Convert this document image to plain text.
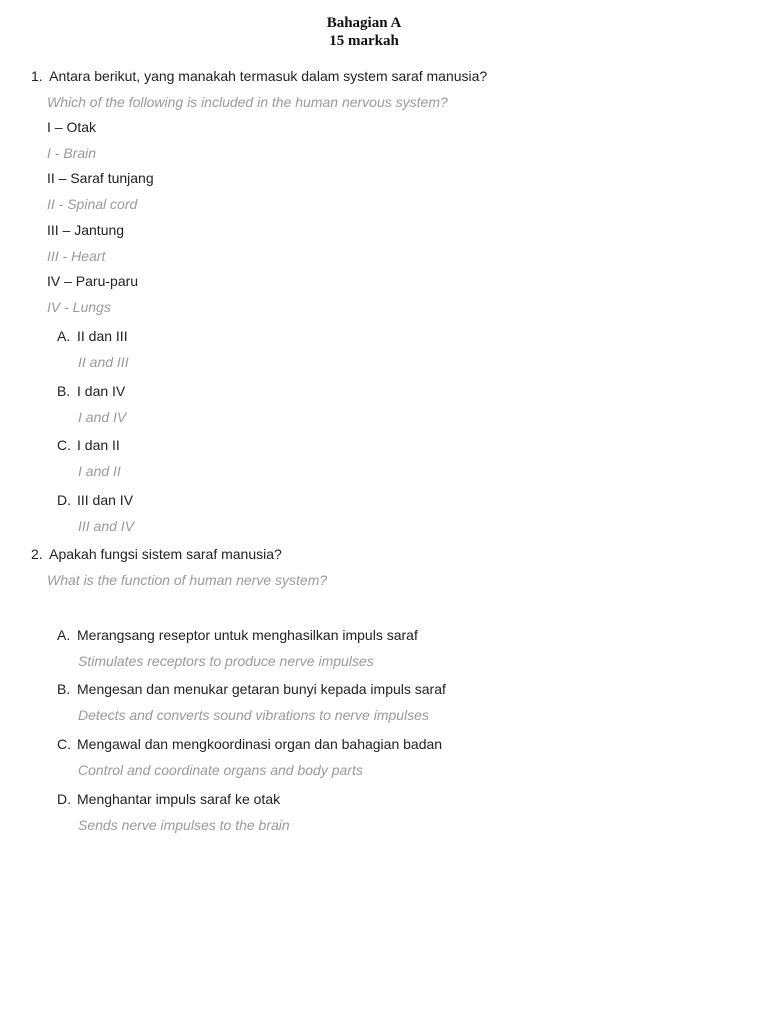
Bahagian A
15 markah
1. Antara berikut, yang manakah termasuk dalam system saraf manusia?
Which of the following is included in the human nervous system?
I – Otak
I - Brain
II – Saraf tunjang
II - Spinal cord
III – Jantung
III - Heart
IV – Paru-paru
IV - Lungs
A. II dan III
II and III
B. I dan IV
I and IV
C. I dan II
I and II
D. III dan IV
III and IV
2. Apakah fungsi sistem saraf manusia?
What is the function of human nerve system?
A. Merangsang reseptor untuk menghasilkan impuls saraf
Stimulates receptors to produce nerve impulses
B. Mengesan dan menukar getaran bunyi kepada impuls saraf
Detects and converts sound vibrations to nerve impulses
C. Mengawal dan mengkoordinasi organ dan bahagian badan
Control and coordinate organs and body parts
D. Menghantar impuls saraf ke otak
Sends nerve impulses to the brain
